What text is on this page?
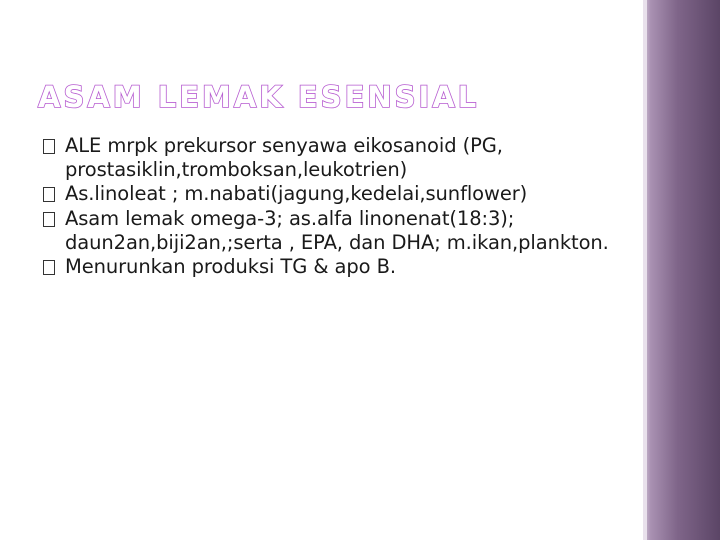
ASAM LEMAK ESENSIAL
ALE mrpk prekursor senyawa eikosanoid (PG, prostasiklin,tromboksan,leukotrien)
As.linoleat ; m.nabati(jagung,kedelai,sunflower)
Asam lemak omega-3; as.alfa linonenat(18:3); daun2an,biji2an,;serta , EPA, dan DHA; m.ikan,plankton.
Menurunkan produksi TG & apo B.
